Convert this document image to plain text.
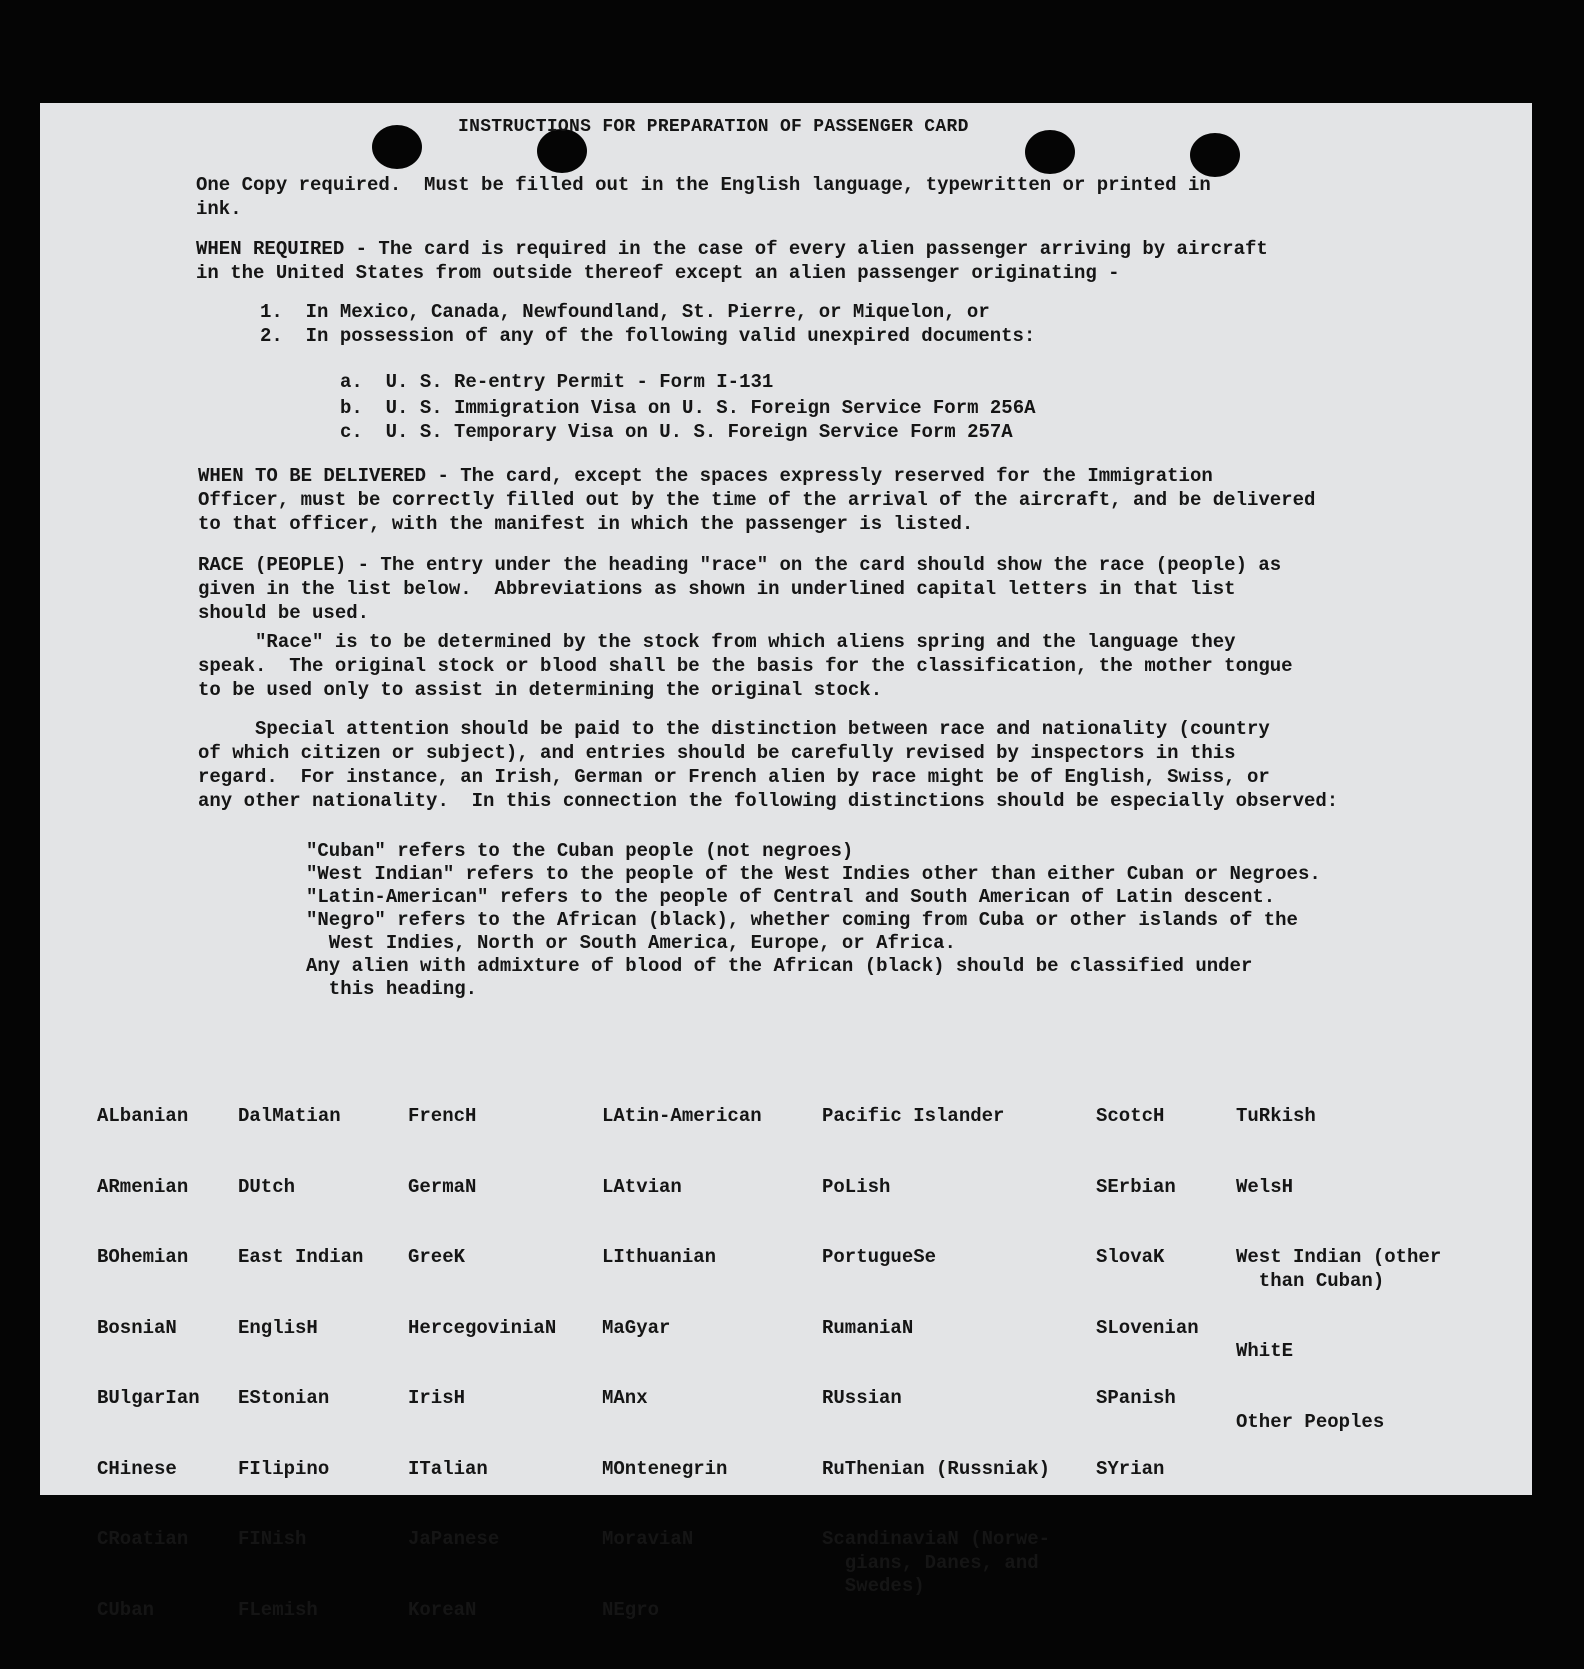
INSTRUCTIONS FOR PREPARATION OF PASSENGER CARD

One Copy required.  Must be filled out in the English language, typewritten or printed in
ink.

WHEN REQUIRED - The card is required in the case of every alien passenger arriving by aircraft
in the United States from outside thereof except an alien passenger originating -

1.  In Mexico, Canada, Newfoundland, St. Pierre, or Miquelon, or

2.  In possession of any of the following valid unexpired documents:

a.  U. S. Re-entry Permit - Form I-131

b.  U. S. Immigration Visa on U. S. Foreign Service Form 256A

c.  U. S. Temporary Visa on U. S. Foreign Service Form 257A

WHEN TO BE DELIVERED - The card, except the spaces expressly reserved for the Immigration
Officer, must be correctly filled out by the time of the arrival of the aircraft, and be delivered
to that officer, with the manifest in which the passenger is listed.

RACE (PEOPLE) - The entry under the heading "race" on the card should show the race (people) as
given in the list below.  Abbreviations as shown in underlined capital letters in that list
should be used.

"Race" is to be determined by the stock from which aliens spring and the language they
speak.  The original stock or blood shall be the basis for the classification, the mother tongue
to be used only to assist in determining the original stock.

Special attention should be paid to the distinction between race and nationality (country
of which citizen or subject), and entries should be carefully revised by inspectors in this
regard.  For instance, an Irish, German or French alien by race might be of English, Swiss, or
any other nationality.  In this connection the following distinctions should be especially observed:

"Cuban" refers to the Cuban people (not negroes)
"West Indian" refers to the people of the West Indies other than either Cuban or Negroes.
"Latin-American" refers to the people of Central and South American of Latin descent.
"Negro" refers to the African (black), whether coming from Cuba or other islands of the
West Indies, North or South America, Europe, or Africa.
Any alien with admixture of blood of the African (black) should be classified under
this heading.

ALbanian

ARmenian

BOhemian

BosniaN

BUlgarIan

CHinese

CRoatian

CUban

DalMatian

DUtch

East Indian

EnglisH

EStonian

FIlipino

FINish

FLemish

FrencH

GermaN

GreeK

HercegoviniaN

IrisH

ITalian

JaPanese

KoreaN

LAtin-American

LAtvian

LIthuanian

MaGyar

MAnx

MOntenegrin

MoraviaN

NEgro

Pacific Islander

PoLish

PortugueSe

RumaniaN

RUssian

RuThenian (Russniak)

ScandinaviaN (Norwe-
gians, Danes, and
Swedes)

ScotcH

SErbian

SlovaK

SLovenian

SPanish

SYrian

TuRkish

WelsH

West Indian (other
than Cuban)

WhitE

Other Peoples
